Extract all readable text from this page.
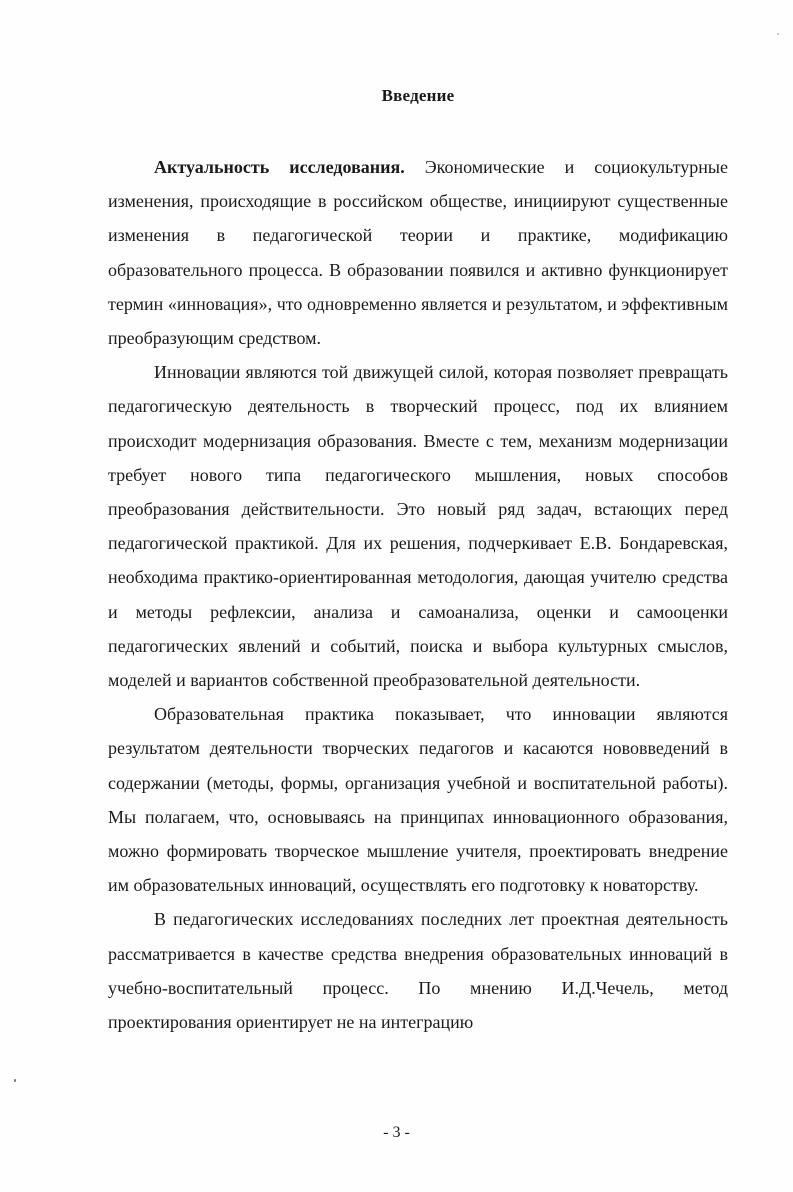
Введение

Актуальность исследования. Экономические и социокультурные изменения, происходящие в российском обществе, инициируют существенные изменения в педагогической теории и практике, модификацию образовательного процесса. В образовании появился и активно функционирует термин «инновация», что одновременно является и результатом, и эффективным преобразующим средством.

Инновации являются той движущей силой, которая позволяет превращать педагогическую деятельность в творческий процесс, под их влиянием происходит модернизация образования. Вместе с тем, механизм модернизации требует нового типа педагогического мышления, новых способов преобразования действительности. Это новый ряд задач, встающих перед педагогической практикой. Для их решения, подчеркивает Е.В. Бондаревская, необходима практико-ориентированная методология, дающая учителю средства и методы рефлексии, анализа и самоанализа, оценки и самооценки педагогических явлений и событий, поиска и выбора культурных смыслов, моделей и вариантов собственной преобразовательной деятельности.

Образовательная практика показывает, что инновации являются результатом деятельности творческих педагогов и касаются нововведений в содержании (методы, формы, организация учебной и воспитательной работы). Мы полагаем, что, основываясь на принципах инновационного образования, можно формировать творческое мышление учителя, проектировать внедрение им образовательных инноваций, осуществлять его подготовку к новаторству.

В педагогических исследованиях последних лет проектная деятельность рассматривается в качестве средства внедрения образовательных инноваций в учебно-воспитательный процесс. По мнению И.Д.Чечель, метод проектирования ориентирует не на интеграцию

- 3 -
